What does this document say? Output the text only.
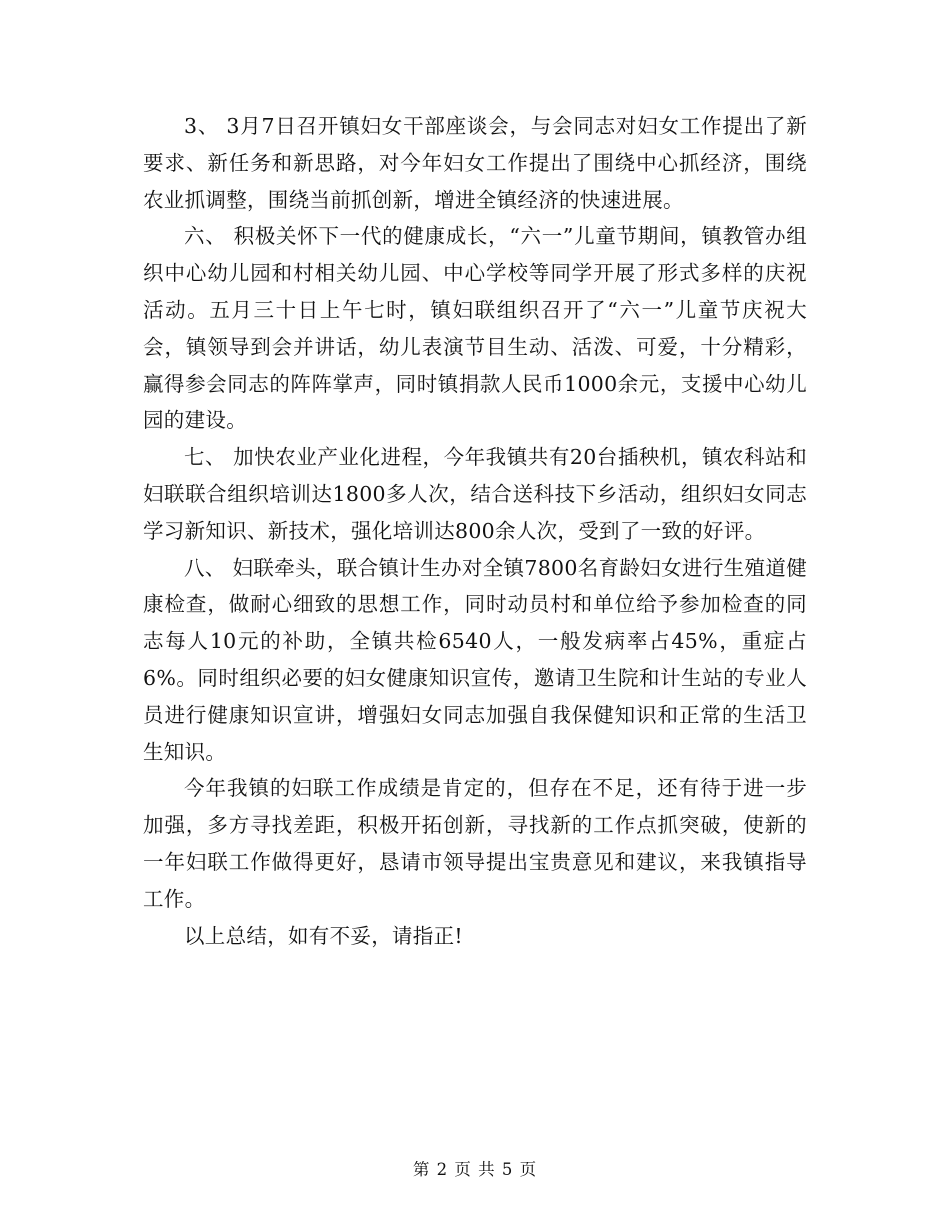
3、 3月7日召开镇妇女干部座谈会，与会同志对妇女工作提出了新要求、新任务和新思路，对今年妇女工作提出了围绕中心抓经济，围绕农业抓调整，围绕当前抓创新，增进全镇经济的快速进展。

六、 积极关怀下一代的健康成长，“六一”儿童节期间，镇教管办组织中心幼儿园和村相关幼儿园、中心学校等同学开展了形式多样的庆祝活动。五月三十日上午七时，镇妇联组织召开了“六一”儿童节庆祝大会，镇领导到会并讲话，幼儿表演节目生动、活泼、可爱，十分精彩，赢得参会同志的阵阵掌声，同时镇捐款人民币1000余元，支援中心幼儿园的建设。

七、 加快农业产业化进程，今年我镇共有20台插秧机，镇农科站和妇联联合组织培训达1800多人次，结合送科技下乡活动，组织妇女同志学习新知识、新技术，强化培训达800余人次，受到了一致的好评。

八、 妇联牵头，联合镇计生办对全镇7800名育龄妇女进行生殖道健康检查，做耐心细致的思想工作，同时动员村和单位给予参加检查的同志每人10元的补助，全镇共检6540人，一般发病率占45%，重症占6%。同时组织必要的妇女健康知识宣传，邀请卫生院和计生站的专业人员进行健康知识宣讲，增强妇女同志加强自我保健知识和正常的生活卫生知识。

今年我镇的妇联工作成绩是肯定的，但存在不足，还有待于进一步加强，多方寻找差距，积极开拓创新，寻找新的工作点抓突破，使新的一年妇联工作做得更好，恳请市领导提出宝贵意见和建议，来我镇指导工作。

以上总结，如有不妥，请指正!

第 2 页 共 5 页
